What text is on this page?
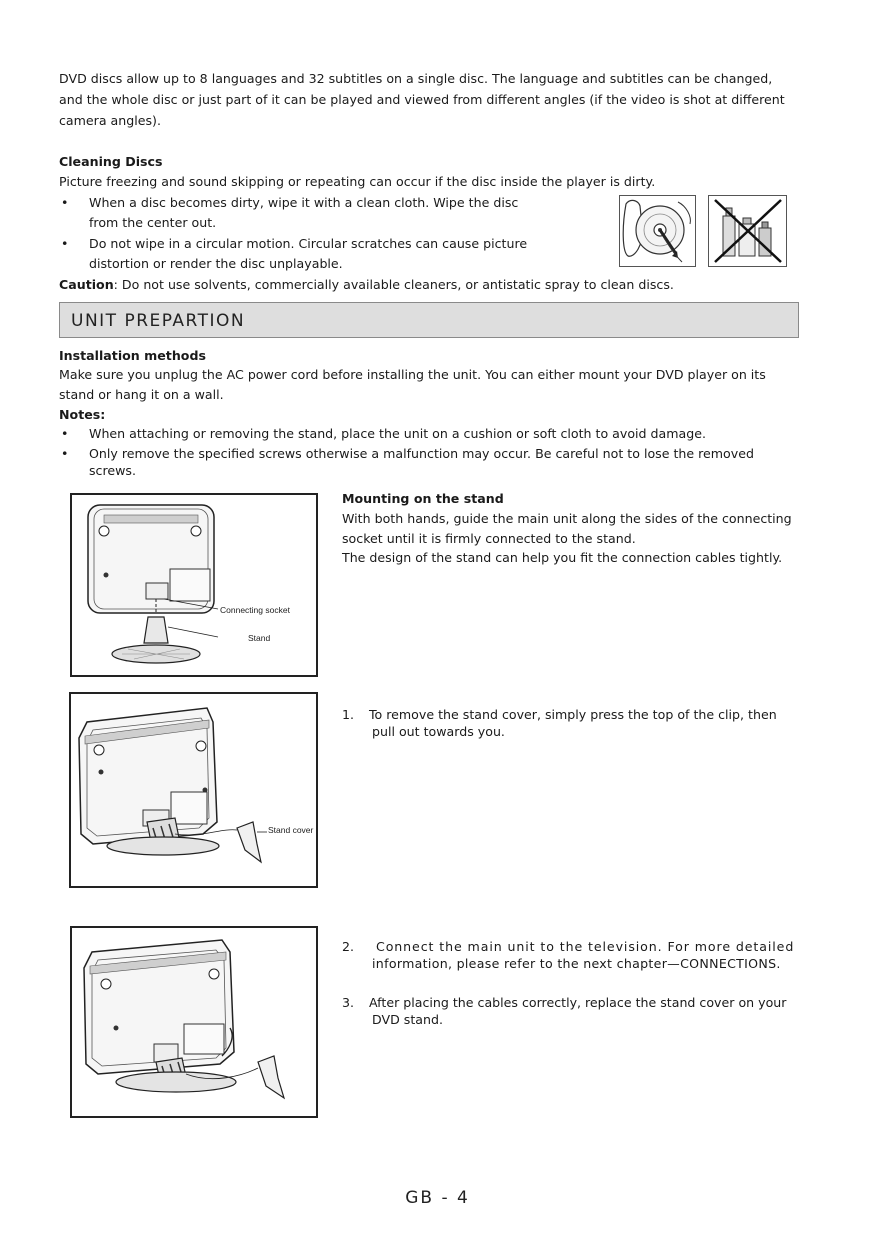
DVD discs allow up to 8 languages and 32 subtitles on a single disc. The language and subtitles can be changed,
and the whole disc or just part of it can be played and viewed from different angles (if the video is shot at different
camera angles).
Cleaning Discs
Picture freezing and sound skipping or repeating can occur if the disc inside the player is dirty.
• When a disc becomes dirty, wipe it with a clean cloth. Wipe the disc
from the center out.
• Do not wipe in a circular motion. Circular scratches can cause picture
distortion or render the disc unplayable.
Caution: Do not use solvents, commercially available cleaners, or antistatic spray to clean discs.
UNIT PREPARTION
Installation methods
Make sure you unplug the AC power cord before installing the unit. You can either mount your DVD player on its
stand or hang it on a wall.
Notes:
• When attaching or removing the stand, place the unit on a cushion or soft cloth to avoid damage.
• Only remove the specified screws otherwise a malfunction may occur. Be careful not to lose the removed
screws.
Connecting socket
Stand
Mounting on the stand
With both hands, guide the main unit along the sides of the connecting
socket until it is firmly connected to the stand.
The design of the stand can help you fit the connection cables tightly.
Stand cover
1. To remove the stand cover, simply press the top of the clip, then
pull out towards you.
2. Connect the main unit to the television. For more detailed
information, please refer to the next chapter—CONNECTIONS.
3. After placing the cables correctly, replace the stand cover on your
DVD stand.
GB - 4
